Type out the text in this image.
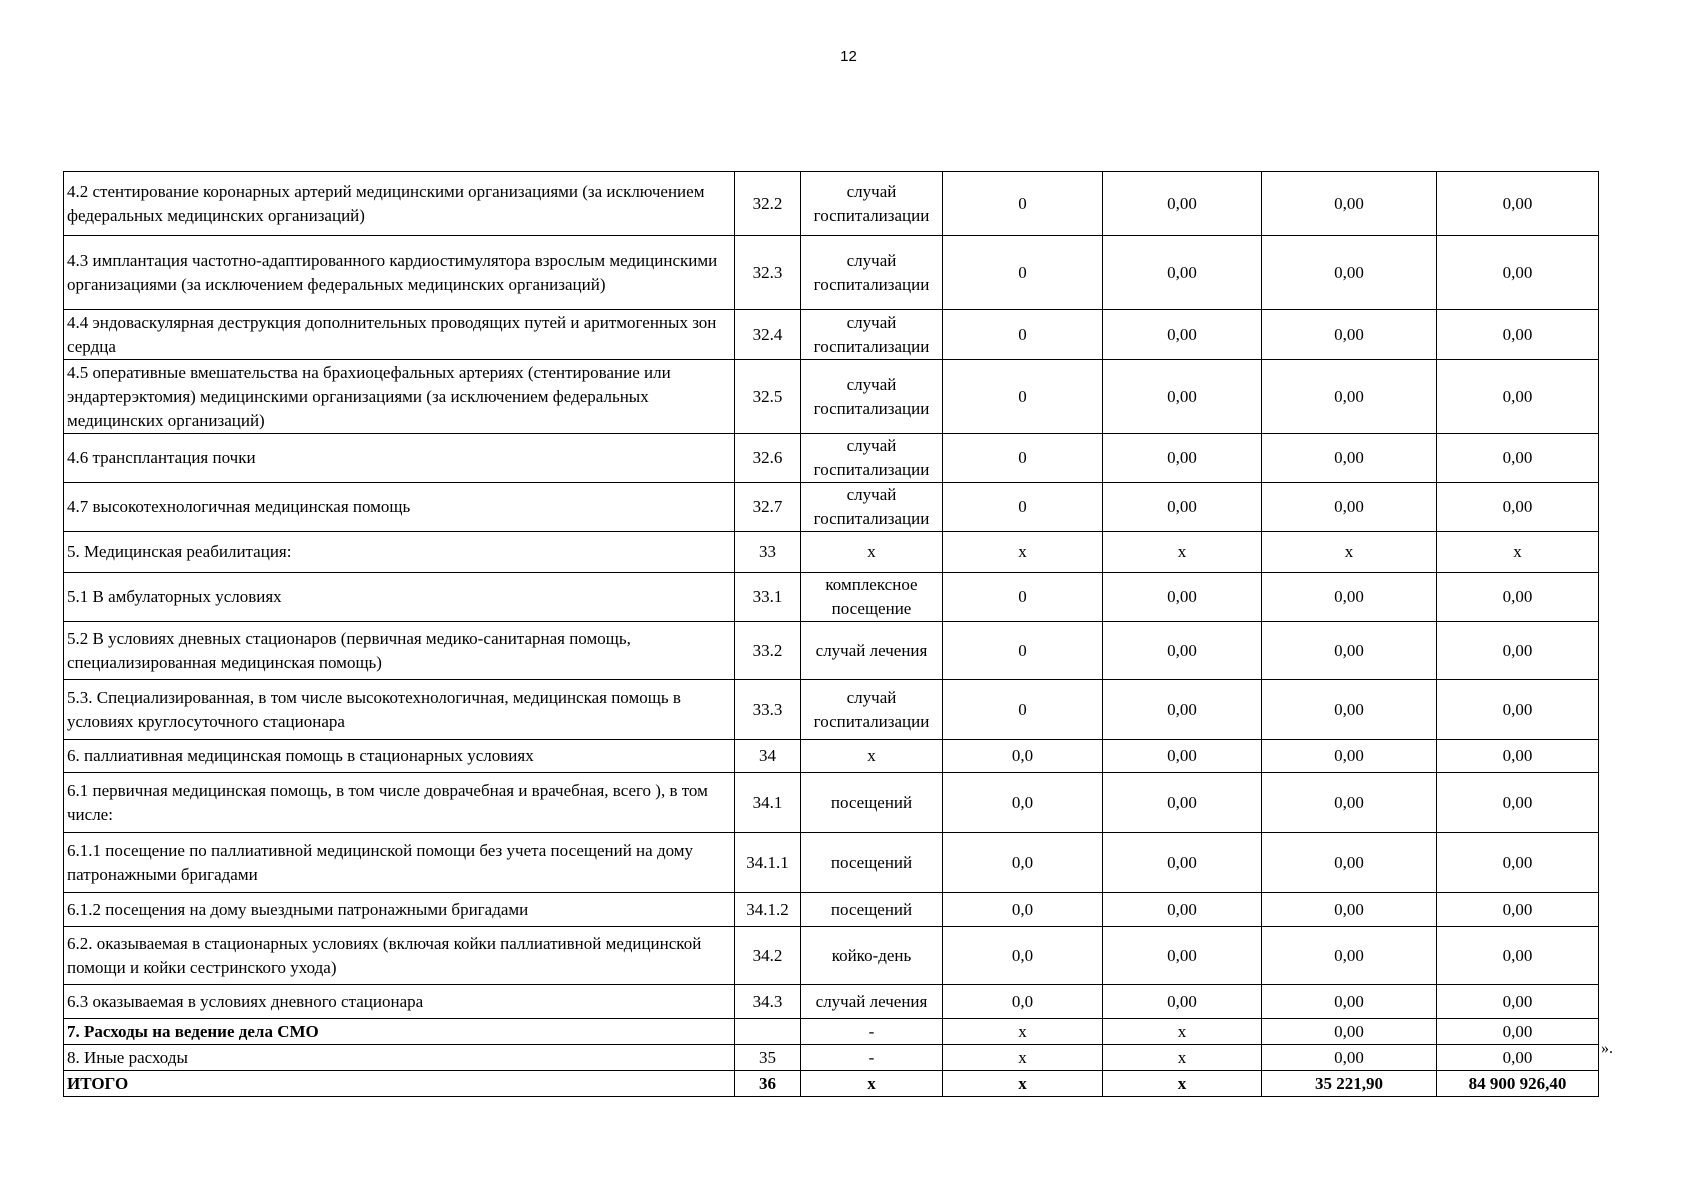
12
4.2 стентирование коронарных артерий медицинскими организациями (за исключением федеральных медицинских организаций)	32.2	случай госпитализации	0	0,00	0,00	0,00
4.3 имплантация частотно-адаптированного кардиостимулятора взрослым медицинскими организациями (за исключением федеральных медицинских организаций)	32.3	случай госпитализации	0	0,00	0,00	0,00
4.4 эндоваскулярная деструкция дополнительных проводящих путей и аритмогенных зон сердца	32.4	случай госпитализации	0	0,00	0,00	0,00
4.5 оперативные вмешательства на брахиоцефальных артериях (стентирование или эндартерэктомия) медицинскими организациями (за исключением федеральных медицинских организаций)	32.5	случай госпитализации	0	0,00	0,00	0,00
4.6 трансплантация почки	32.6	случай госпитализации	0	0,00	0,00	0,00
4.7 высокотехнологичная медицинская помощь	32.7	случай госпитализации	0	0,00	0,00	0,00
5. Медицинская реабилитация:	33	х	х	х	х	х
5.1 В амбулаторных условиях	33.1	комплексное посещение	0	0,00	0,00	0,00
5.2 В условиях дневных стационаров (первичная медико-санитарная помощь, специализированная медицинская помощь)	33.2	случай лечения	0	0,00	0,00	0,00
5.3. Специализированная, в том числе высокотехнологичная, медицинская помощь в условиях круглосуточного стационара	33.3	случай госпитализации	0	0,00	0,00	0,00
6. паллиативная медицинская помощь в стационарных условиях	34	х	0,0	0,00	0,00	0,00
6.1 первичная медицинская помощь, в том числе доврачебная и врачебная, всего ), в том числе:	34.1	посещений	0,0	0,00	0,00	0,00
6.1.1 посещение по паллиативной медицинской помощи без учета посещений на дому патронажными бригадами	34.1.1	посещений	0,0	0,00	0,00	0,00
6.1.2 посещения на дому выездными патронажными бригадами	34.1.2	посещений	0,0	0,00	0,00	0,00
6.2. оказываемая в стационарных условиях (включая койки паллиативной медицинской помощи и койки сестринского ухода)	34.2	койко-день	0,0	0,00	0,00	0,00
6.3 оказываемая в условиях дневного стационара	34.3	случай лечения	0,0	0,00	0,00	0,00
7. Расходы на ведение дела СМО		-	х	х	0,00	0,00
8. Иные расходы	35	-	х	х	0,00	0,00
ИТОГО	36	х	х	х	35 221,90	84 900 926,40
».
